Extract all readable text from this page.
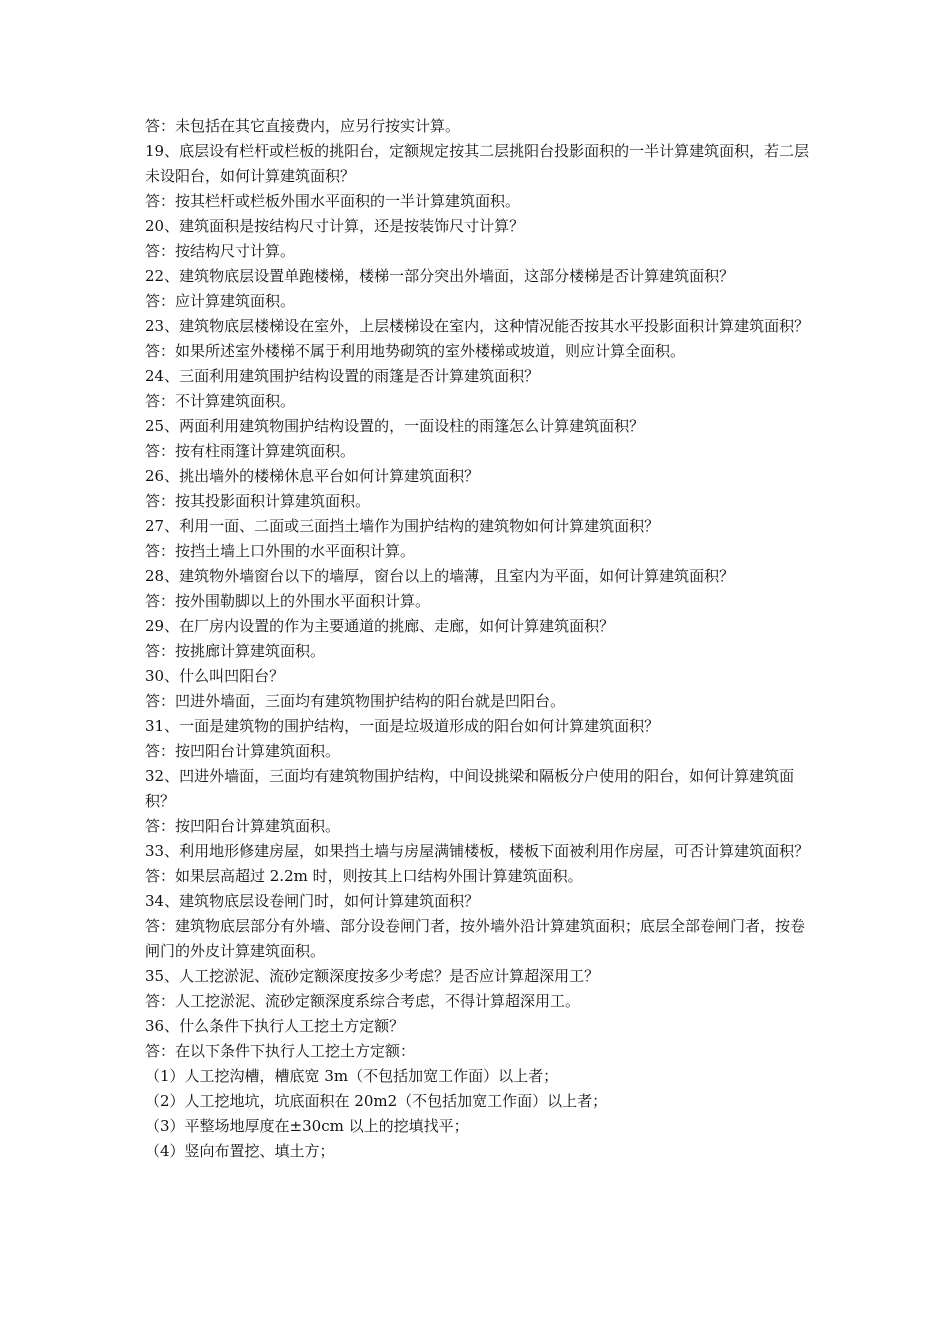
答：未包括在其它直接费内，应另行按实计算。
19、底层设有栏杆或栏板的挑阳台，定额规定按其二层挑阳台投影面积的一半计算建筑面积，若二层未设阳台，如何计算建筑面积？
答：按其栏杆或栏板外围水平面积的一半计算建筑面积。
20、建筑面积是按结构尺寸计算，还是按装饰尺寸计算？
答：按结构尺寸计算。
22、建筑物底层设置单跑楼梯，楼梯一部分突出外墙面，这部分楼梯是否计算建筑面积？
答：应计算建筑面积。
23、建筑物底层楼梯设在室外，上层楼梯设在室内，这种情况能否按其水平投影面积计算建筑面积？
答：如果所述室外楼梯不属于利用地势砌筑的室外楼梯或坡道，则应计算全面积。
24、三面利用建筑围护结构设置的雨篷是否计算建筑面积？
答：不计算建筑面积。
25、两面利用建筑物围护结构设置的，一面设柱的雨篷怎么计算建筑面积？
答：按有柱雨篷计算建筑面积。
26、挑出墙外的楼梯休息平台如何计算建筑面积？
答：按其投影面积计算建筑面积。
27、利用一面、二面或三面挡土墙作为围护结构的建筑物如何计算建筑面积？
答：按挡土墙上口外围的水平面积计算。
28、建筑物外墙窗台以下的墙厚，窗台以上的墙薄，且室内为平面，如何计算建筑面积？
答：按外围勒脚以上的外围水平面积计算。
29、在厂房内设置的作为主要通道的挑廊、走廊，如何计算建筑面积？
答：按挑廊计算建筑面积。
30、什么叫凹阳台？
答：凹进外墙面，三面均有建筑物围护结构的阳台就是凹阳台。
31、一面是建筑物的围护结构，一面是垃圾道形成的阳台如何计算建筑面积？
答：按凹阳台计算建筑面积。
32、凹进外墙面，三面均有建筑物围护结构，中间设挑梁和隔板分户使用的阳台，如何计算建筑面积？
答：按凹阳台计算建筑面积。
33、利用地形修建房屋，如果挡土墙与房屋满铺楼板，楼板下面被利用作房屋，可否计算建筑面积？
答：如果层高超过 2.2m 时，则按其上口结构外围计算建筑面积。
34、建筑物底层设卷闸门时，如何计算建筑面积？
答：建筑物底层部分有外墙、部分设卷闸门者，按外墙外沿计算建筑面积；底层全部卷闸门者，按卷闸门的外皮计算建筑面积。
35、人工挖淤泥、流砂定额深度按多少考虑？是否应计算超深用工？
答：人工挖淤泥、流砂定额深度系综合考虑，不得计算超深用工。
36、什么条件下执行人工挖土方定额？
答：在以下条件下执行人工挖土方定额：
（1）人工挖沟槽，槽底宽 3m（不包括加宽工作面）以上者；
（2）人工挖地坑，坑底面积在 20m2（不包括加宽工作面）以上者；
（3）平整场地厚度在±30cm 以上的挖填找平；
（4）竖向布置挖、填土方；
